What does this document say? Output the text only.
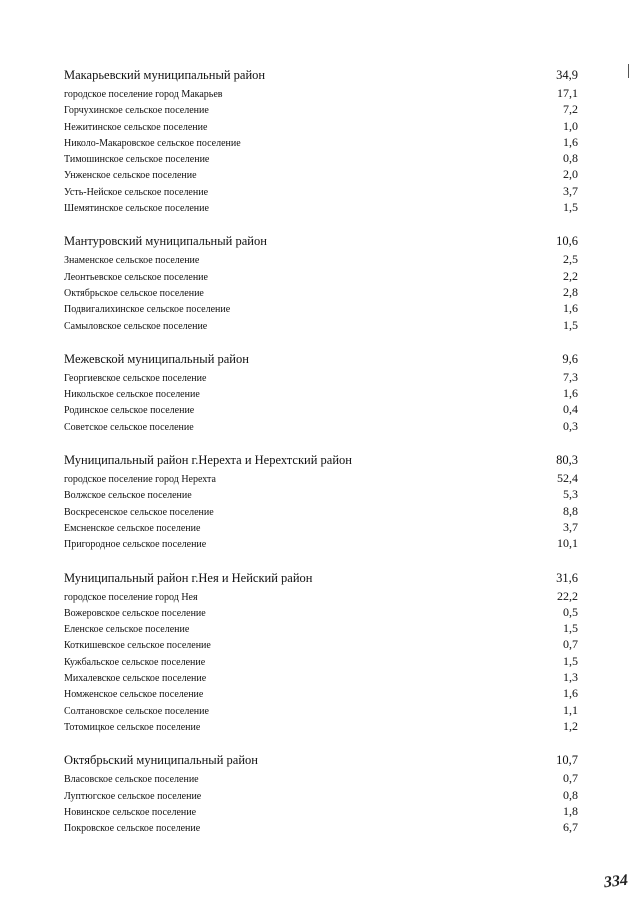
Макарьевский муниципальный район	34,9
городское поселение город Макарьев	17,1
Горчухинское сельское поселение	7,2
Нежитинское сельское поселение	1,0
Николо-Макаровское сельское поселение	1,6
Тимошинское сельское поселение	0,8
Унженское сельское поселение	2,0
Усть-Нейское сельское поселение	3,7
Шемятинское сельское поселение	1,5
Мантуровский муниципальный район	10,6
Знаменское сельское поселение	2,5
Леонтьевское сельское поселение	2,2
Октябрьское сельское поселение	2,8
Подвигалихинское сельское поселение	1,6
Самыловское сельское поселение	1,5
Межевской муниципальный район	9,6
Георгиевское сельское поселение	7,3
Никольское сельское поселение	1,6
Родинское сельское поселение	0,4
Советское сельское поселение	0,3
Муниципальный район г.Нерехта и Нерехтский район	80,3
городское поселение город Нерехта	52,4
Волжское сельское поселение	5,3
Воскресенское сельское поселение	8,8
Емсненское сельское поселение	3,7
Пригородное сельское поселение	10,1
Муниципальный район г.Нея и Нейский район	31,6
городское поселение город Нея	22,2
Вожеровское сельское поселение	0,5
Еленское сельское поселение	1,5
Коткишевское сельское поселение	0,7
Кужбальское сельское поселение	1,5
Михалевское сельское поселение	1,3
Номженское сельское поселение	1,6
Солтановское сельское поселение	1,1
Тотомицкое сельское поселение	1,2
Октябрьский муниципальный район	10,7
Власовское сельское поселение	0,7
Луптюгское сельское поселение	0,8
Новинское сельское поселение	1,8
Покровское сельское поселение	6,7
334
